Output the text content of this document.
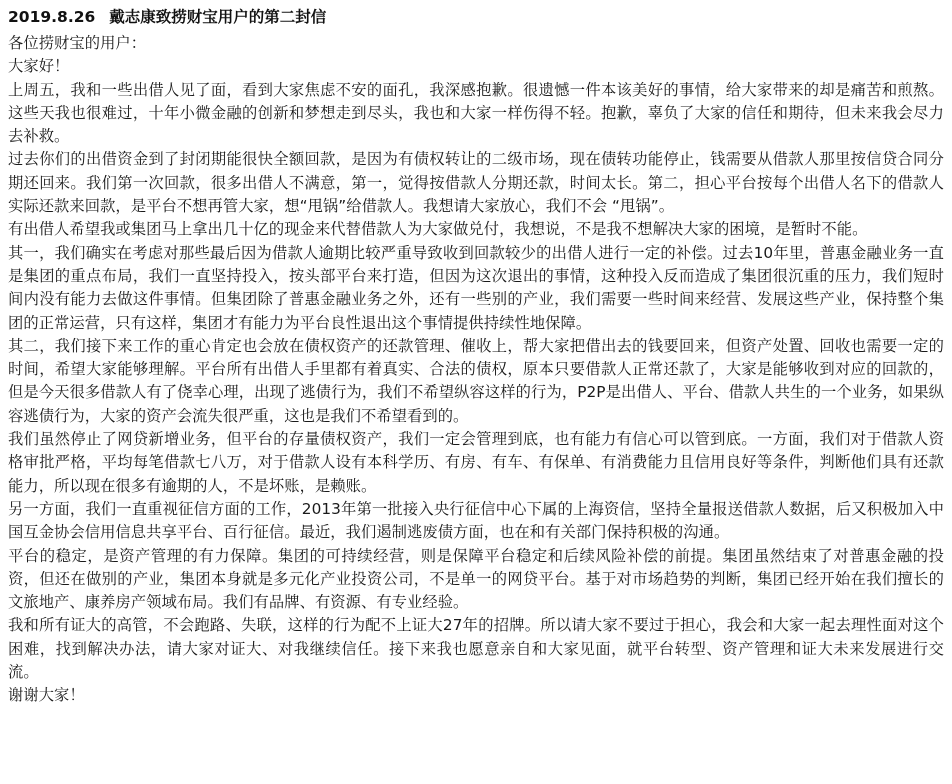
2019.8.26 戴志康致捞财宝用户的第二封信

各位捞财宝的用户：

大家好！

上周五，我和一些出借人见了面，看到大家焦虑不安的面孔，我深感抱歉。很遗憾一件本该美好的事情，给大家带来的却是痛苦和煎熬。这些天我也很难过，十年小微金融的创新和梦想走到尽头，我也和大家一样伤得不轻。抱歉，辜负了大家的信任和期待，但未来我会尽力去补救。

过去你们的出借资金到了封闭期能很快全额回款，是因为有债权转让的二级市场，现在债转功能停止，钱需要从借款人那里按信贷合同分期还回来。我们第一次回款，很多出借人不满意，第一，觉得按借款人分期还款，时间太长。第二，担心平台按每个出借人名下的借款人实际还款来回款，是平台不想再管大家，想“甩锅”给借款人。我想请大家放心，我们不会 “甩锅”。

有出借人希望我或集团马上拿出几十亿的现金来代替借款人为大家做兑付，我想说，不是我不想解决大家的困境，是暂时不能。

其一，我们确实在考虑对那些最后因为借款人逾期比较严重导致收到回款较少的出借人进行一定的补偿。过去10年里，普惠金融业务一直是集团的重点布局，我们一直坚持投入，按头部平台来打造，但因为这次退出的事情，这种投入反而造成了集团很沉重的压力，我们短时间内没有能力去做这件事情。但集团除了普惠金融业务之外，还有一些别的产业，我们需要一些时间来经营、发展这些产业，保持整个集团的正常运营，只有这样，集团才有能力为平台良性退出这个事情提供持续性地保障。

其二，我们接下来工作的重心肯定也会放在债权资产的还款管理、催收上，帮大家把借出去的钱要回来，但资产处置、回收也需要一定的时间，希望大家能够理解。平台所有出借人手里都有着真实、合法的债权，原本只要借款人正常还款了，大家是能够收到对应的回款的，但是今天很多借款人有了侥幸心理，出现了逃债行为，我们不希望纵容这样的行为，P2P是出借人、平台、借款人共生的一个业务，如果纵容逃债行为，大家的资产会流失很严重，这也是我们不希望看到的。

我们虽然停止了网贷新增业务，但平台的存量债权资产，我们一定会管理到底，也有能力有信心可以管到底。一方面，我们对于借款人资格审批严格，平均每笔借款七八万，对于借款人设有本科学历、有房、有车、有保单、有消费能力且信用良好等条件，判断他们具有还款能力，所以现在很多有逾期的人，不是坏账，是赖账。

另一方面，我们一直重视征信方面的工作，2013年第一批接入央行征信中心下属的上海资信，坚持全量报送借款人数据，后又积极加入中国互金协会信用信息共享平台、百行征信。最近，我们遏制逃废债方面，也在和有关部门保持积极的沟通。

平台的稳定，是资产管理的有力保障。集团的可持续经营，则是保障平台稳定和后续风险补偿的前提。集团虽然结束了对普惠金融的投资，但还在做别的产业，集团本身就是多元化产业投资公司，不是单一的网贷平台。基于对市场趋势的判断，集团已经开始在我们擅长的文旅地产、康养房产领域布局。我们有品牌、有资源、有专业经验。

我和所有证大的高管，不会跑路、失联，这样的行为配不上证大27年的招牌。所以请大家不要过于担心，我会和大家一起去理性面对这个困难，找到解决办法，请大家对证大、对我继续信任。接下来我也愿意亲自和大家见面，就平台转型、资产管理和证大未来发展进行交流。

谢谢大家！
